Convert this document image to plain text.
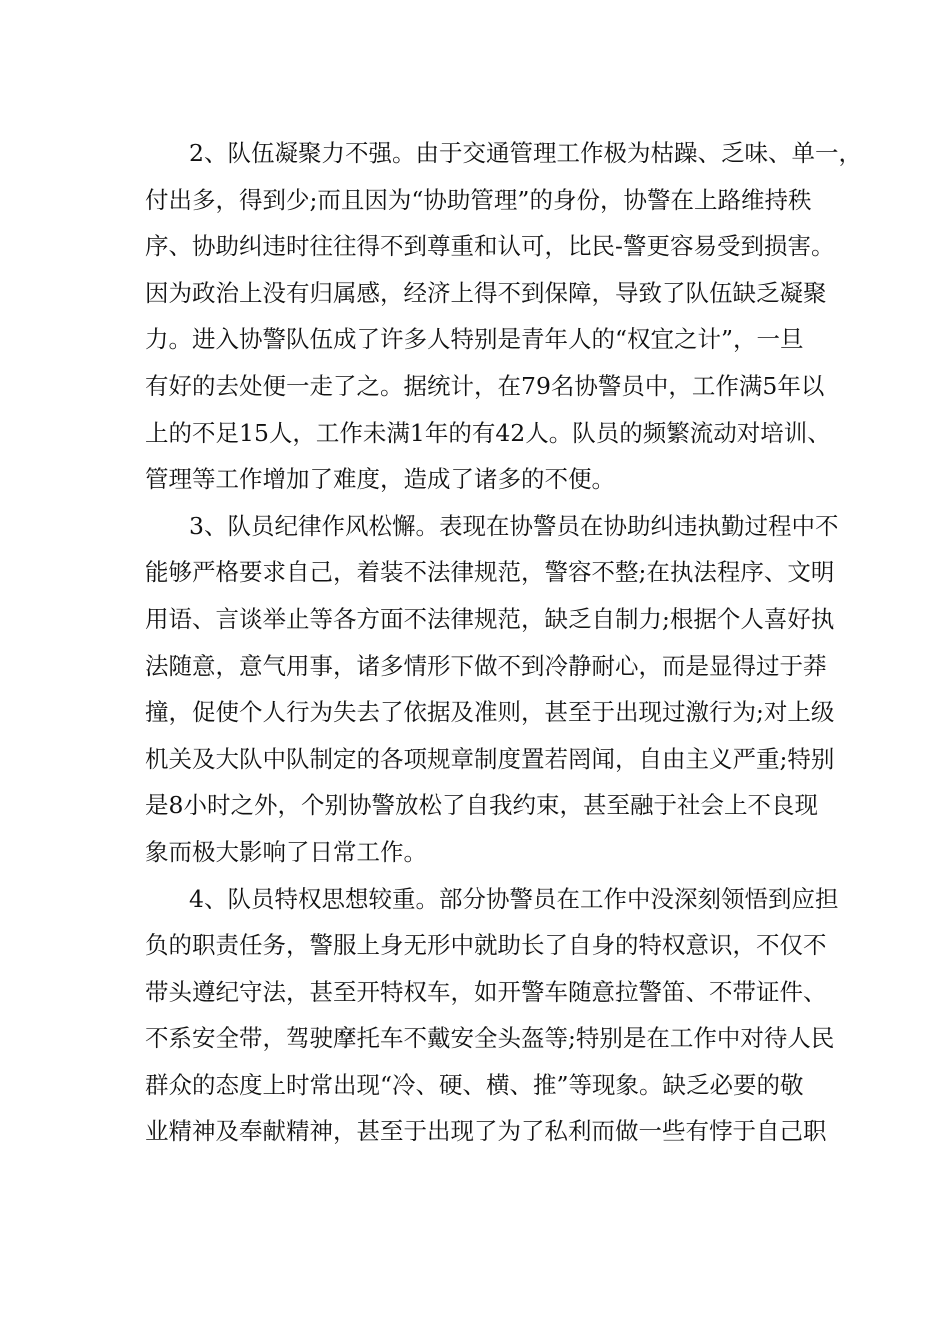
2、队伍凝聚力不强。由于交通管理工作极为枯躁、乏味、单一，
付出多，得到少;而且因为“协助管理”的身份，协警在上路维持秩
序、协助纠违时往往得不到尊重和认可，比民-警更容易受到损害。
因为政治上没有归属感，经济上得不到保障，导致了队伍缺乏凝聚
力。进入协警队伍成了许多人特别是青年人的“权宜之计”，一旦
有好的去处便一走了之。据统计，在79名协警员中，工作满5年以
上的不足15人，工作未满1年的有42人。队员的频繁流动对培训、
管理等工作增加了难度，造成了诸多的不便。
3、队员纪律作风松懈。表现在协警员在协助纠违执勤过程中不
能够严格要求自己，着装不法律规范，警容不整;在执法程序、文明
用语、言谈举止等各方面不法律规范，缺乏自制力;根据个人喜好执
法随意，意气用事，诸多情形下做不到冷静耐心，而是显得过于莽
撞，促使个人行为失去了依据及准则，甚至于出现过激行为;对上级
机关及大队中队制定的各项规章制度置若罔闻，自由主义严重;特别
是8小时之外，个别协警放松了自我约束，甚至融于社会上不良现
象而极大影响了日常工作。
4、队员特权思想较重。部分协警员在工作中没深刻领悟到应担
负的职责任务，警服上身无形中就助长了自身的特权意识，不仅不
带头遵纪守法，甚至开特权车，如开警车随意拉警笛、不带证件、
不系安全带，驾驶摩托车不戴安全头盔等;特别是在工作中对待人民
群众的态度上时常出现“冷、硬、横、推”等现象。缺乏必要的敬
业精神及奉献精神，甚至于出现了为了私利而做一些有悖于自己职
